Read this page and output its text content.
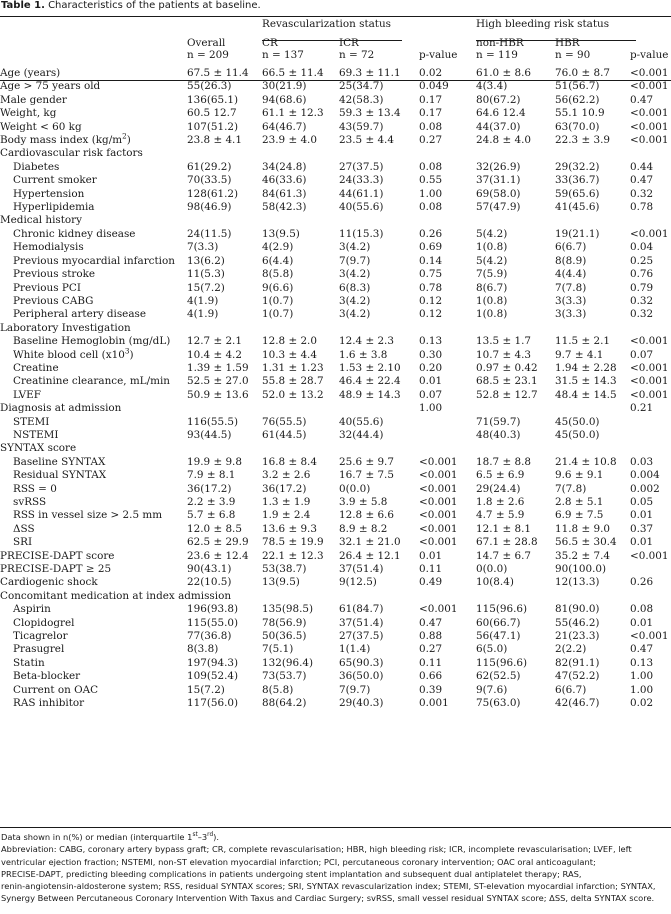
Table 1. Characteristics of the patients at baseline.
		Revascularization status			High bleeding risk status		

	Overall	CR	ICR		non-HBR	HBR	
	n = 209	n = 137	n = 72	p-value	n = 119	n = 90	p-value

Age (years)	67.5 ± 11.4	66.5 ± 11.4	69.3 ± 11.1	0.02	61.0 ± 8.6	76.0 ± 8.7	<0.001
Age > 75 years old	55(26.3)	30(21.9)	25(34.7)	0.049	4(3.4)	51(56.7)	<0.001
Male gender	136(65.1)	94(68.6)	42(58.3)	0.17	80(67.2)	56(62.2)	0.47
Weight, kg	60.5 12.7	61.1 ± 12.3	59.3 ± 13.4	0.17	64.6 12.4	55.1 10.9	<0.001
Weight < 60 kg	107(51.2)	64(46.7)	43(59.7)	0.08	44(37.0)	63(70.0)	<0.001
Body mass index $(kg/m^2)$	23.8 ± 4.1	23.9 ± 4.0	23.5 ± 4.4	0.27	24.8 ± 4.0	22.3 ± 3.9	<0.001
Cardiovascular risk factors							
Diabetes	61(29.2)	34(24.8)	27(37.5)	0.08	32(26.9)	29(32.2)	0.44
Current smoker	70(33.5)	46(33.6)	24(33.3)	0.55	37(31.1)	33(36.7)	0.47
Hypertension	128(61.2)	84(61.3)	44(61.1)	1.00	69(58.0)	59(65.6)	0.32
Hyperlipidemia	98(46.9)	58(42.3)	40(55.6)	0.08	57(47.9)	41(45.6)	0.78
Medical history							
Chronic kidney disease	24(11.5)	13(9.5)	11(15.3)	0.26	5(4.2)	19(21.1)	<0.001
Hemodialysis	7(3.3)	4(2.9)	3(4.2)	0.69	1(0.8)	6(6.7)	0.04
Previous myocardial infarction	13(6.2)	6(4.4)	7(9.7)	0.14	5(4.2)	8(8.9)	0.25
Previous stroke	11(5.3)	8(5.8)	3(4.2)	0.75	7(5.9)	4(4.4)	0.76
Previous PCI	15(7.2)	9(6.6)	6(8.3)	0.78	8(6.7)	7(7.8)	0.79
Previous CABG	4(1.9)	1(0.7)	3(4.2)	0.12	1(0.8)	3(3.3)	0.32
Peripheral artery disease	4(1.9)	1(0.7)	3(4.2)	0.12	1(0.8)	3(3.3)	0.32
Laboratory Investigation							
Baseline Hemoglobin (mg/dL)	12.7 ± 2.1	12.8 ± 2.0	12.4 ± 2.3	0.13	13.5 ± 1.7	11.5 ± 2.1	<0.001
White blood cell $(x10^3)$	10.4 ± 4.2	10.3 ± 4.4	1.6 ± 3.8	0.30	10.7 ± 4.3	9.7 ± 4.1	0.07
Creatine	1.39 ± 1.59	1.31 ± 1.23	1.53 ± 2.10	0.20	0.97 ± 0.42	1.94 ± 2.28	<0.001
Creatinine clearance, mL/min	52.5 ± 27.0	55.8 ± 28.7	46.4 ± 22.4	0.01	68.5 ± 23.1	31.5 ± 14.3	<0.001
LVEF	50.9 ± 13.6	52.0 ± 13.2	48.9 ± 14.3	0.07	52.8 ± 12.7	48.4 ± 14.5	<0.001
Diagnosis at admission				1.00			0.21
STEMI	116(55.5)	76(55.5)	40(55.6)		71(59.7)	45(50.0)	
NSTEMI	93(44.5)	61(44.5)	32(44.4)		48(40.3)	45(50.0)	
SYNTAX score							
Baseline SYNTAX	19.9 ± 9.8	16.8 ± 8.4	25.6 ± 9.7	<0.001	18.7 ± 8.8	21.4 ± 10.8	0.03
Residual SYNTAX	7.9 ± 8.1	3.2 ± 2.6	16.7 ± 7.5	<0.001	6.5 ± 6.9	9.6 ± 9.1	0.004
RSS = 0	36(17.2)	36(17.2)	0(0.0)	<0.001	29(24.4)	7(7.8)	0.002
svRSS	2.2 ± 3.9	1.3 ± 1.9	3.9 ± 5.8	<0.001	1.8 ± 2.6	2.8 ± 5.1	0.05
RSS in vessel size > 2.5 mm	5.7 ± 6.8	1.9 ± 2.4	12.8 ± 6.6	<0.001	4.7 ± 5.9	6.9 ± 7.5	0.01
ΔSS	12.0 ± 8.5	13.6 ± 9.3	8.9 ± 8.2	<0.001	12.1 ± 8.1	11.8 ± 9.0	0.37
SRI	62.5 ± 29.9	78.5 ± 19.9	32.1 ± 21.0	<0.001	67.1 ± 28.8	56.5 ± 30.4	0.01
PRECISE-DAPT score	23.6 ± 12.4	22.1 ± 12.3	26.4 ± 12.1	0.01	14.7 ± 6.7	35.2 ± 7.4	<0.001
PRECISE-DAPT ≥ 25	90(43.1)	53(38.7)	37(51.4)	0.11	0(0.0)	90(100.0)	
Cardiogenic shock	22(10.5)	13(9.5)	9(12.5)	0.49	10(8.4)	12(13.3)	0.26
Concomitant medication at index admission							
Aspirin	196(93.8)	135(98.5)	61(84.7)	<0.001	115(96.6)	81(90.0)	0.08
Clopidogrel	115(55.0)	78(56.9)	37(51.4)	0.47	60(66.7)	55(46.2)	0.01
Ticagrelor	77(36.8)	50(36.5)	27(37.5)	0.88	56(47.1)	21(23.3)	<0.001
Prasugrel	8(3.8)	7(5.1)	1(1.4)	0.27	6(5.0)	2(2.2)	0.47
Statin	197(94.3)	132(96.4)	65(90.3)	0.11	115(96.6)	82(91.1)	0.13
Beta-blocker	109(52.4)	73(53.7)	36(50.0)	0.66	62(52.5)	47(52.2)	1.00
Current on OAC	15(7.2)	8(5.8)	7(9.7)	0.39	9(7.6)	6(6.7)	1.00
RAS inhibitor	117(56.0)	88(64.2)	29(40.3)	0.001	75(63.0)	42(46.7)	0.02
Data shown in n(%) or median (interquartile 1st–3rd).
Abbreviation: CABG, coronary artery bypass graft; CR, complete revascularisation; HBR, high bleeding risk; ICR, incomplete revascularisation; LVEF, left
ventricular ejection fraction; NSTEMI, non-ST elevation myocardial infarction; PCI, percutaneous coronary intervention; OAC oral anticoagulant;
PRECISE-DAPT, predicting bleeding complications in patients undergoing stent implantation and subsequent dual antiplatelet therapy; RAS,
renin-angiotensin-aldosterone system; RSS, residual SYNTAX scores; SRI, SYNTAX revascularization index; STEMI, ST-elevation myocardial infarction; SYNTAX,
Synergy Between Percutaneous Coronary Intervention With Taxus and Cardiac Surgery; svRSS, small vessel residual SYNTAX score; ΔSS, delta SYNTAX score.
